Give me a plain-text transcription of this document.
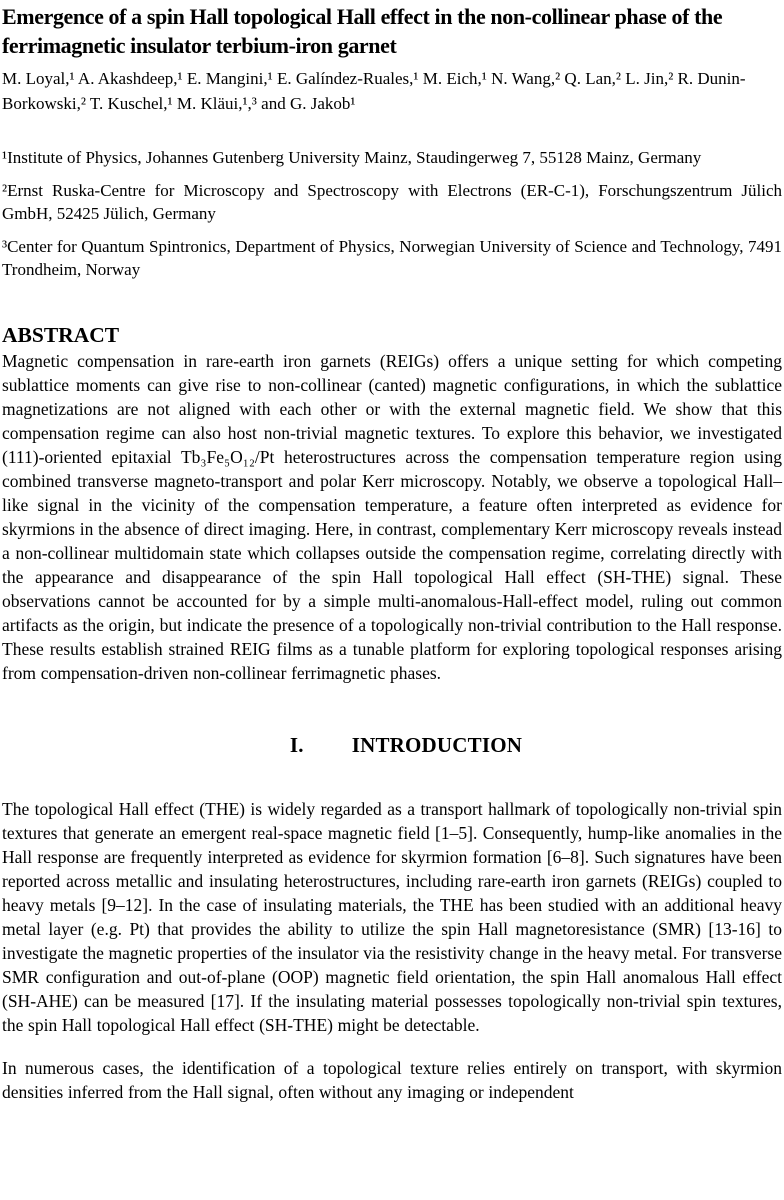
Emergence of a spin Hall topological Hall effect in the non-collinear phase of the ferrimagnetic insulator terbium-iron garnet

M. Loyal,¹ A. Akashdeep,¹ E. Mangini,¹ E. Galíndez-Ruales,¹ M. Eich,¹ N. Wang,² Q. Lan,² L. Jin,² R. Dunin-Borkowski,² T. Kuschel,¹ M. Kläui,¹,³ and G. Jakob¹

¹Institute of Physics, Johannes Gutenberg University Mainz, Staudingerweg 7, 55128 Mainz, Germany

²Ernst Ruska-Centre for Microscopy and Spectroscopy with Electrons (ER-C-1), Forschungszentrum Jülich GmbH, 52425 Jülich, Germany

³Center for Quantum Spintronics, Department of Physics, Norwegian University of Science and Technology, 7491 Trondheim, Norway

ABSTRACT

Magnetic compensation in rare-earth iron garnets (REIGs) offers a unique setting for which competing sublattice moments can give rise to non-collinear (canted) magnetic configurations, in which the sublattice magnetizations are not aligned with each other or with the external magnetic field. We show that this compensation regime can also host non-trivial magnetic textures. To explore this behavior, we investigated (111)-oriented epitaxial Tb₃Fe₅O₁₂/Pt heterostructures across the compensation temperature region using combined transverse magneto-transport and polar Kerr microscopy. Notably, we observe a topological Hall–like signal in the vicinity of the compensation temperature, a feature often interpreted as evidence for skyrmions in the absence of direct imaging. Here, in contrast, complementary Kerr microscopy reveals instead a non-collinear multidomain state which collapses outside the compensation regime, correlating directly with the appearance and disappearance of the spin Hall topological Hall effect (SH-THE) signal. These observations cannot be accounted for by a simple multi-anomalous-Hall-effect model, ruling out common artifacts as the origin, but indicate the presence of a topologically non-trivial contribution to the Hall response. These results establish strained REIG films as a tunable platform for exploring topological responses arising from compensation-driven non-collinear ferrimagnetic phases.

I. INTRODUCTION

The topological Hall effect (THE) is widely regarded as a transport hallmark of topologically non-trivial spin textures that generate an emergent real-space magnetic field [1–5]. Consequently, hump-like anomalies in the Hall response are frequently interpreted as evidence for skyrmion formation [6–8]. Such signatures have been reported across metallic and insulating heterostructures, including rare-earth iron garnets (REIGs) coupled to heavy metals [9–12]. In the case of insulating materials, the THE has been studied with an additional heavy metal layer (e.g. Pt) that provides the ability to utilize the spin Hall magnetoresistance (SMR) [13-16] to investigate the magnetic properties of the insulator via the resistivity change in the heavy metal. For transverse SMR configuration and out-of-plane (OOP) magnetic field orientation, the spin Hall anomalous Hall effect (SH-AHE) can be measured [17]. If the insulating material possesses topologically non-trivial spin textures, the spin Hall topological Hall effect (SH-THE) might be detectable.

In numerous cases, the identification of a topological texture relies entirely on transport, with skyrmion densities inferred from the Hall signal, often without any imaging or independent
